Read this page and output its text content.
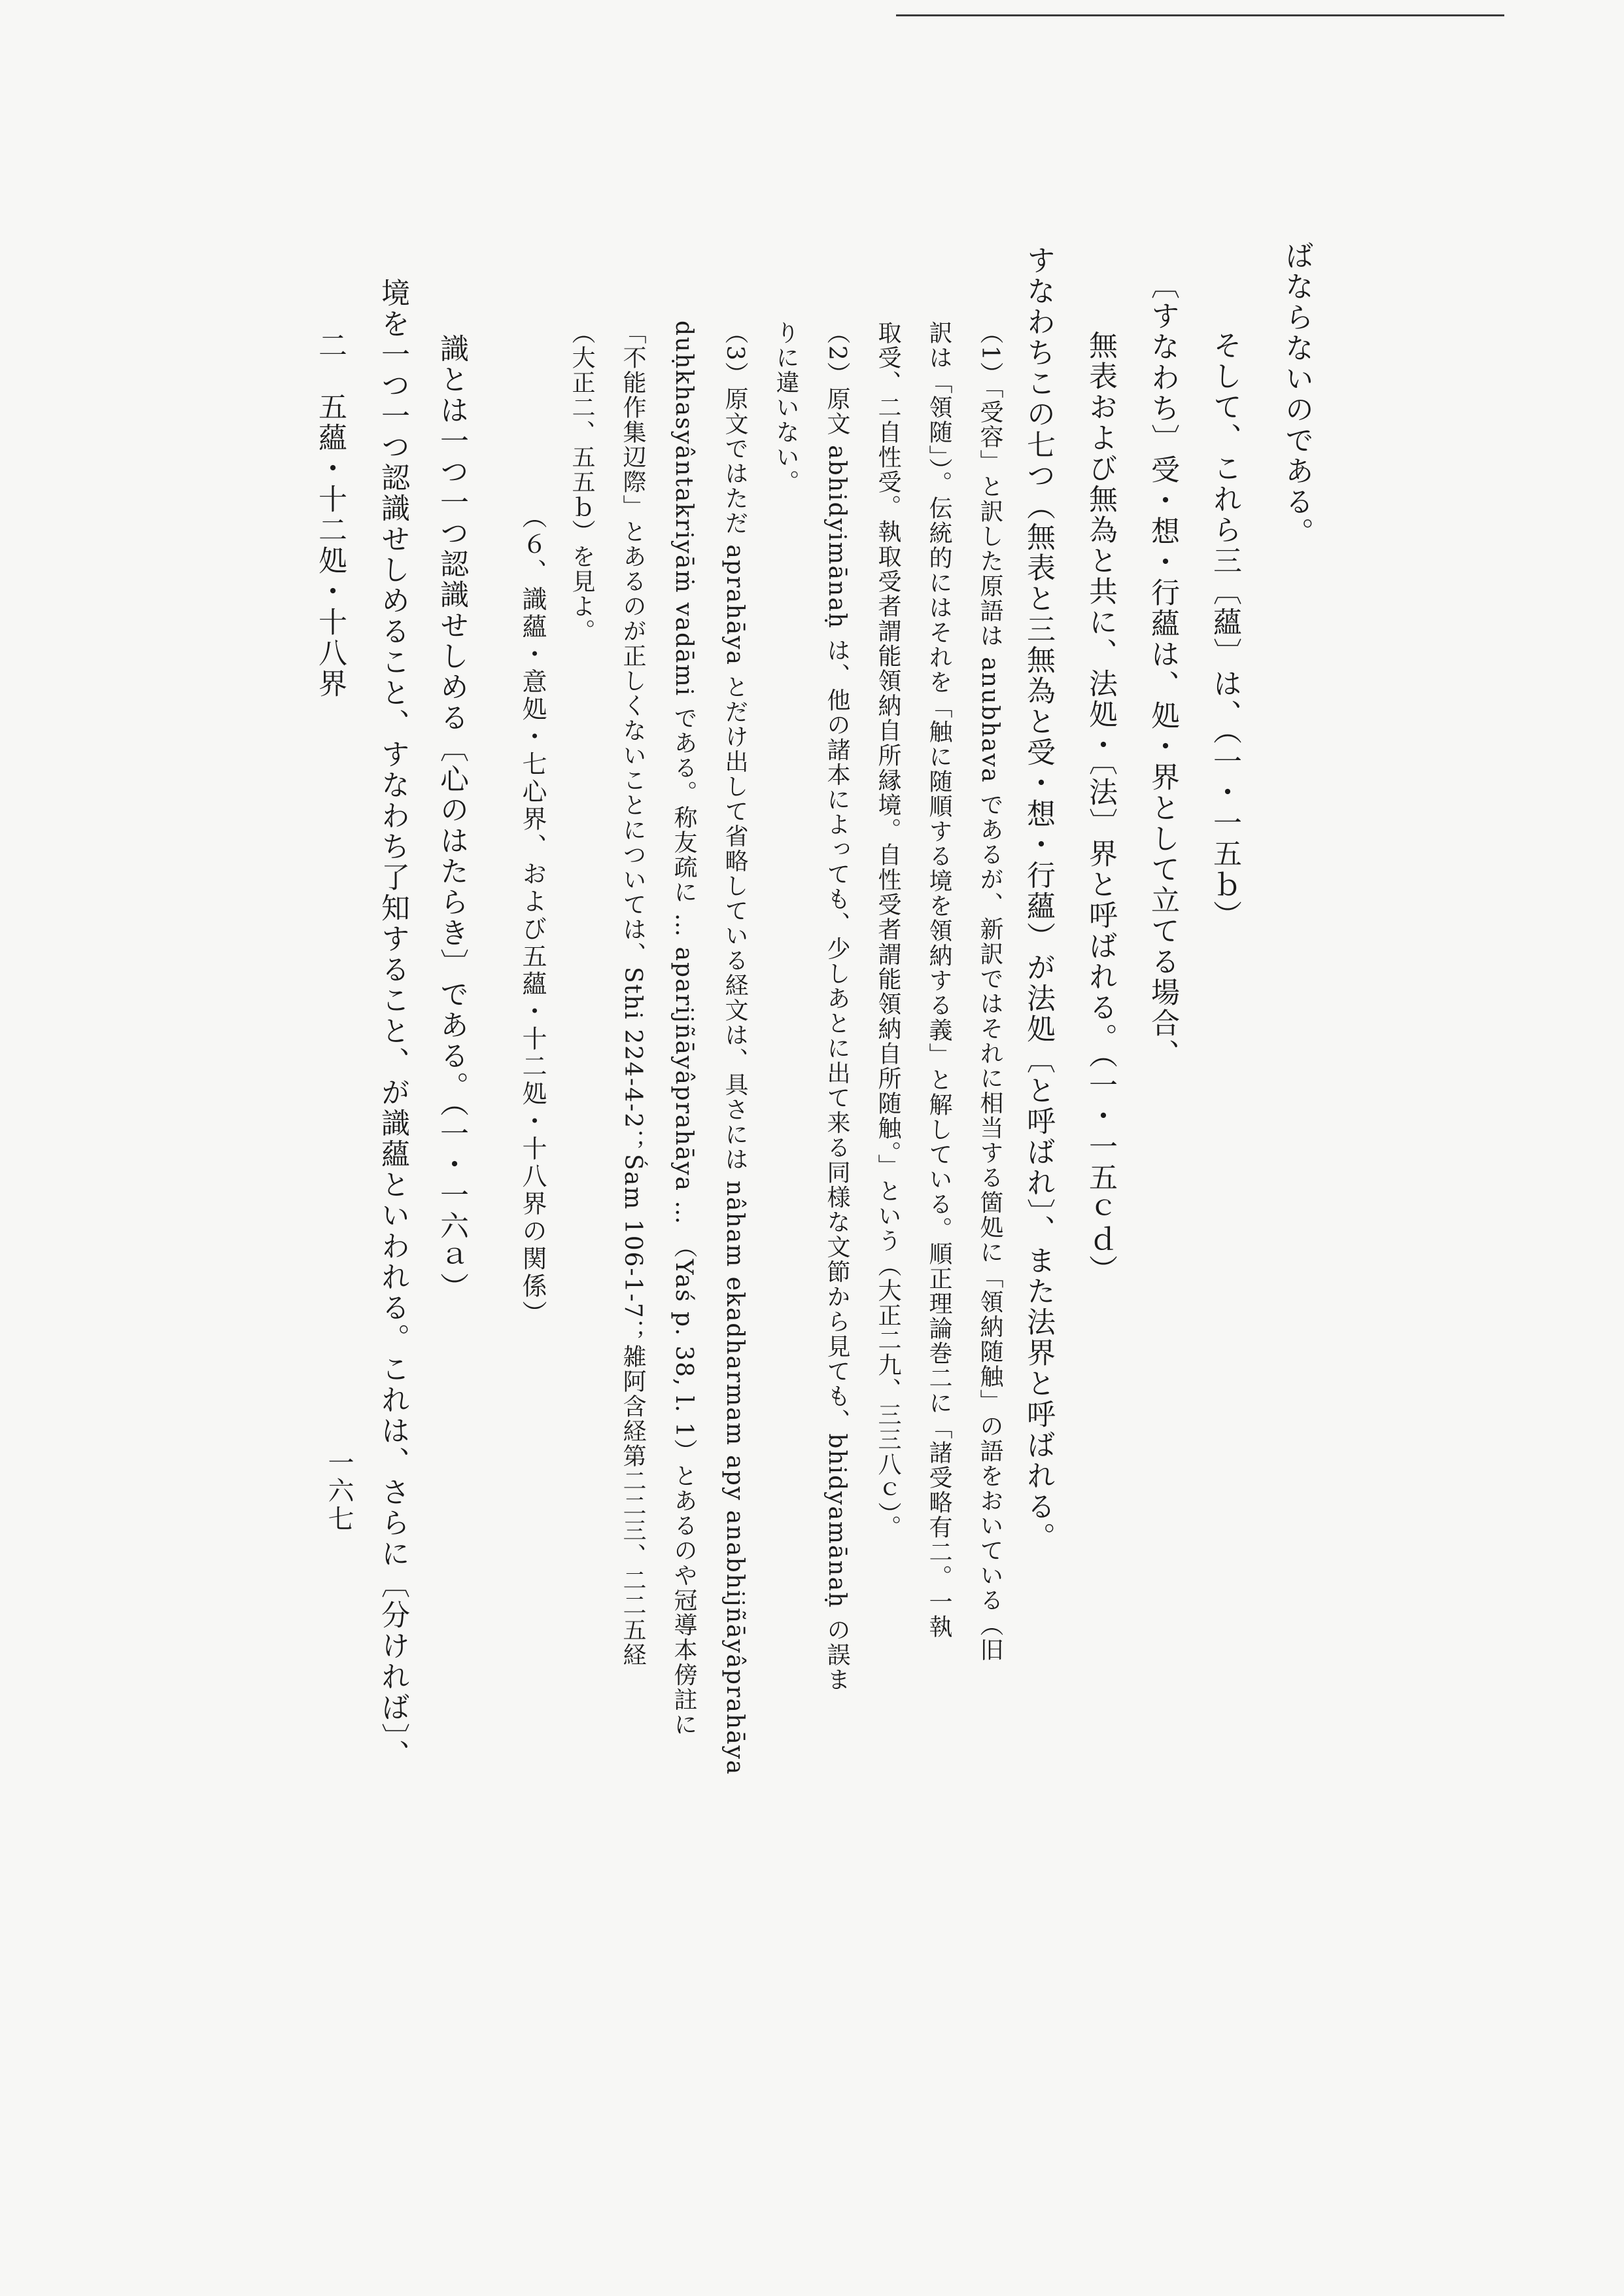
ばならないのである。
そして、これら三〔蘊〕は、（一・一五ｂ）
〔すなわち〕受・想・行蘊は、処・界として立てる場合、
無表および無為と共に、法処・〔法〕界と呼ばれる。（一・一五ｃｄ）
すなわちこの七つ（無表と三無為と受・想・行蘊）が法処〔と呼ばれ〕、また法界と呼ばれる。
（1）「受容」と訳した原語は anubhava であるが、新訳ではそれに相当する箇処に「領納随触」の語をおいている（旧
訳は「領随」）。伝統的にはそれを「触に随順する境を領納する義」と解している。順正理論巻二に「諸受略有二。一執
取受、二自性受。執取受者謂能領納自所縁境。自性受者謂能領納自所随触。」という（大正二九、三三八ｃ）。
（2）原文 abhidyimānaḥ は、他の諸本によっても、少しあとに出て来る同様な文節から見ても、bhidyamānaḥ の誤ま
りに違いない。
（3）原文ではただ aprahāya とだけ出して省略している経文は、具さには nâham ekadharmam apy anabhijñāyâprahāya
duḥkhasyântakriyāṁ vadāmi である。称友疏に … aparijñāyâprahāya … （Yaś p. 38, l. 1）とあるのや冠導本傍註に
「不能作集辺際」とあるのが正しくないことについては、Sthi 224-4-2；Śam 106-1-7；雑阿含経第二二三、二二五経
（大正二、五五ｂ）を見よ。
（６、識蘊・意処・七心界、および五蘊・十二処・十八界の関係）
識とは一つ一つ認識せしめる〔心のはたらき〕である。（一・一六ａ）
境を一つ一つ認識せしめること、すなわち了知すること、が識蘊といわれる。これは、さらに〔分ければ〕、
二　五蘊・十二処・十八界
一六七
